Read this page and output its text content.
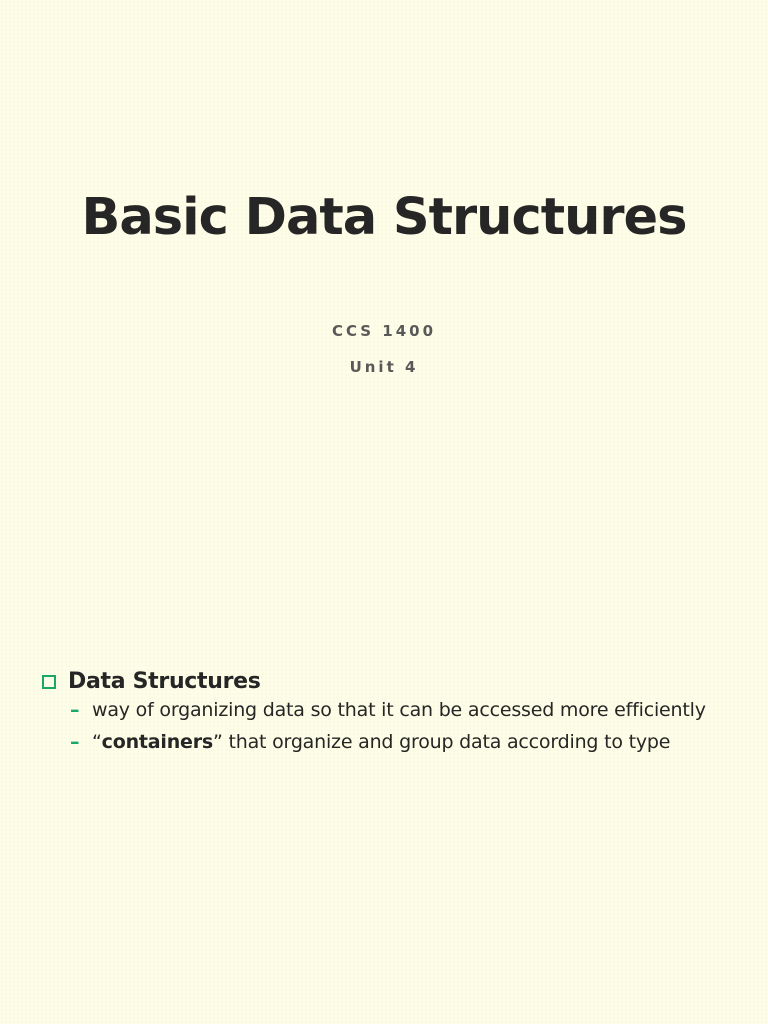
Basic Data Structures

CCS 1400

Unit 4

Data Structures
– way of organizing data so that it can be accessed more efficiently
– “containers” that organize and group data according to type
